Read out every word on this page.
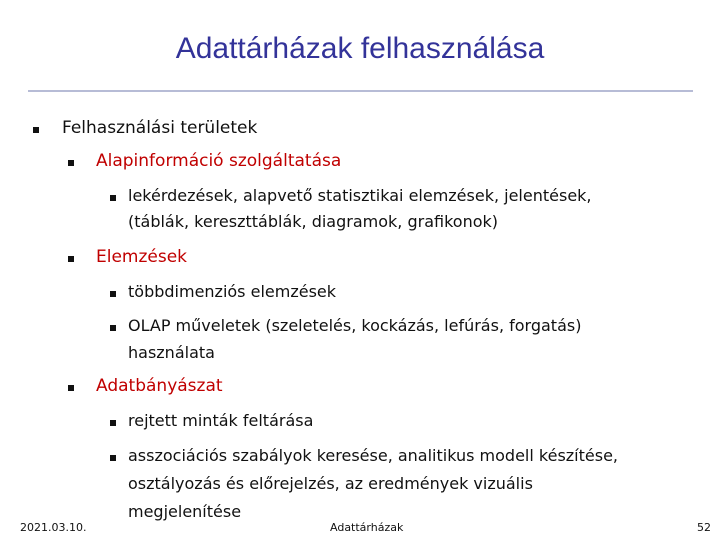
Adattárházak felhasználása
Felhasználási területek
Alapinformáció szolgáltatása
lekérdezések, alapvető statisztikai elemzések, jelentések,
(táblák, kereszttáblák, diagramok, grafikonok)
Elemzések
többdimenziós elemzések
OLAP műveletek (szeletelés, kockázás, lefúrás, forgatás)
használata
Adatbányászat
rejtett minták feltárása
asszociációs szabályok keresése, analitikus modell készítése,
osztályozás és előrejelzés, az eredmények vizuális
megjelenítése
2021.03.10.	Adattárházak	52
